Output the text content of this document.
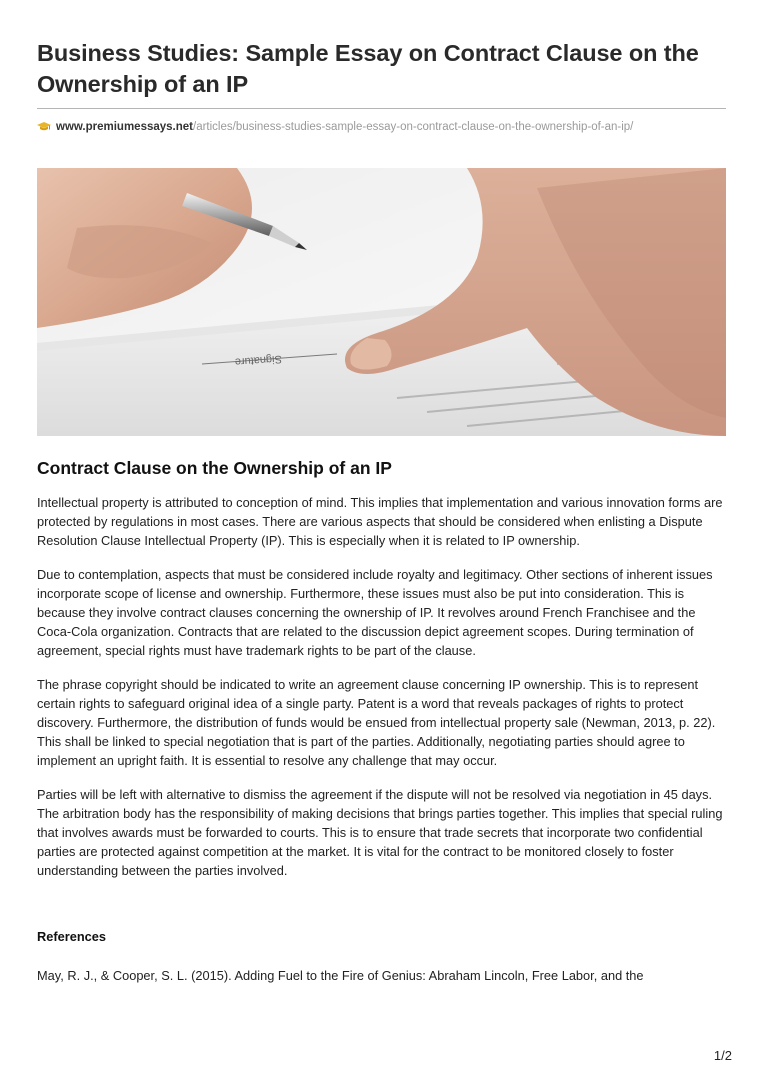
Business Studies: Sample Essay on Contract Clause on the Ownership of an IP
www.premiumessays.net/articles/business-studies-sample-essay-on-contract-clause-on-the-ownership-of-an-ip/
Signature
Contract Clause on the Ownership of an IP

Intellectual property is attributed to conception of mind. This implies that implementation and various innovation forms are protected by regulations in most cases. There are various aspects that should be considered when enlisting a Dispute Resolution Clause Intellectual Property (IP). This is especially when it is related to IP ownership.

Due to contemplation, aspects that must be considered include royalty and legitimacy. Other sections of inherent issues incorporate scope of license and ownership. Furthermore, these issues must also be put into consideration. This is because they involve contract clauses concerning the ownership of IP. It revolves around French Franchisee and the Coca-Cola organization. Contracts that are related to the discussion depict agreement scopes. During termination of agreement, special rights must have trademark rights to be part of the clause.

The phrase copyright should be indicated to write an agreement clause concerning IP ownership. This is to represent certain rights to safeguard original idea of a single party. Patent is a word that reveals packages of rights to protect discovery. Furthermore, the distribution of funds would be ensued from intellectual property sale (Newman, 2013, p. 22). This shall be linked to special negotiation that is part of the parties. Additionally, negotiating parties should agree to implement an upright faith. It is essential to resolve any challenge that may occur.

Parties will be left with alternative to dismiss the agreement if the dispute will not be resolved via negotiation in 45 days. The arbitration body has the responsibility of making decisions that brings parties together. This implies that special ruling that involves awards must be forwarded to courts. This is to ensure that trade secrets that incorporate two confidential parties are protected against competition at the market. It is vital for the contract to be monitored closely to foster understanding between the parties involved.

References
May, R. J., & Cooper, S. L. (2015). Adding Fuel to the Fire of Genius: Abraham Lincoln, Free Labor, and the
1/2
